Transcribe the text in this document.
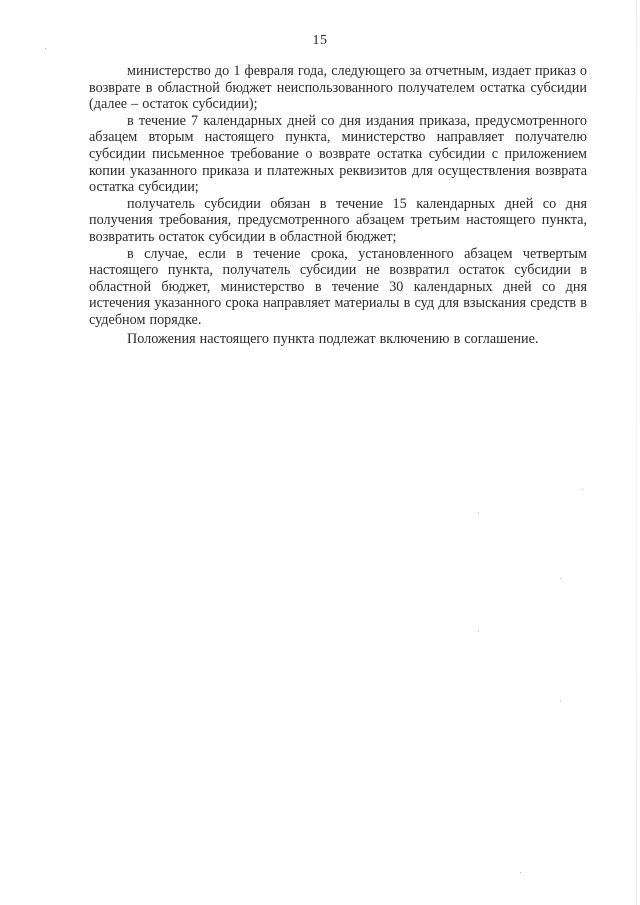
15

министерство до 1 февраля года, следующего за отчетным, издает приказ о возврате в областной бюджет неиспользованного получателем остатка субсидии (далее – остаток субсидии);

в течение 7 календарных дней со дня издания приказа, предусмотренного абзацем вторым настоящего пункта, министерство направляет получателю субсидии письменное требование о возврате остатка субсидии с приложением копии указанного приказа и платежных реквизитов для осуществления возврата остатка субсидии;

получатель субсидии обязан в течение 15 календарных дней со дня получения требования, предусмотренного абзацем третьим настоящего пункта, возвратить остаток субсидии в областной бюджет;

в случае, если в течение срока, установленного абзацем четвертым настоящего пункта, получатель субсидии не возвратил остаток субсидии в областной бюджет, министерство в течение 30 календарных дней со дня истечения указанного срока направляет материалы в суд для взыскания средств в судебном порядке.

Положения настоящего пункта подлежат включению в соглашение.
